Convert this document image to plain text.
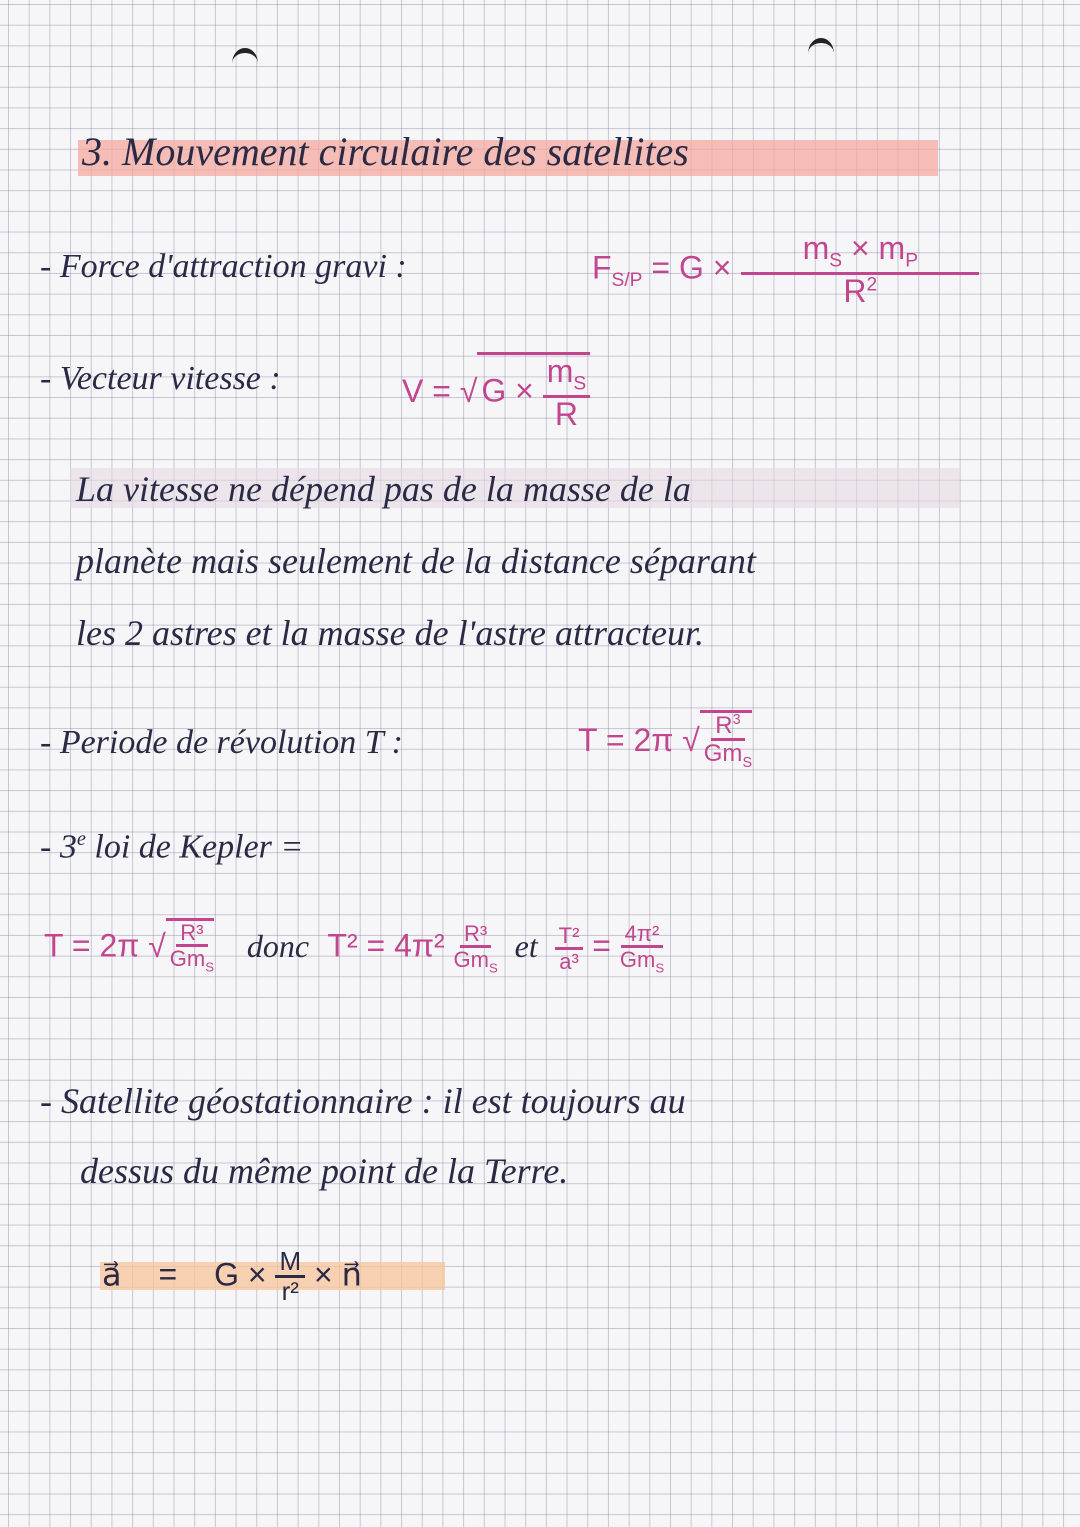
3. Mouvement circulaire des satellites
- Force d'attraction gravi :	$F_{S/P} = G \times \frac{m_S \times m_P}{R^2}$
- Vecteur vitesse :	V = √ $G \times \frac{m_S}{R}$
La vitesse ne dépend pas de la masse de la
planète mais seulement de la distance séparant
les 2 astres et la masse de l'astre attracteur.
- Periode de révolution T :	T = 2π √ $\frac{R^3}{Gm_S}$
- 3e loi de Kepler =
T = 2π √ $\frac{\text{R³}}{Gm_S}$ donc $T^2 = 4\pi^2 \frac{\text{R³}}{Gm_S}$ et $\frac{\text{T²}}{\text{a³}} = \frac{\text{4π²}}{Gm_S}$
- Satellite géostationnaire : il est toujours au
dessus du même point de la Terre.
a⃗ = $G \times \frac{M}{\text{r²}}$ × n⃗
